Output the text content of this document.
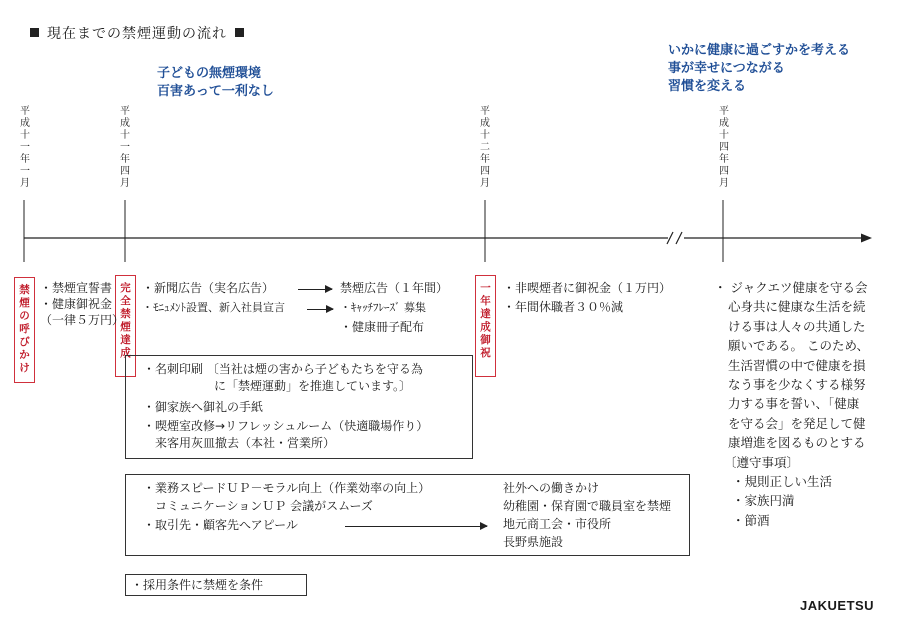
現在までの禁煙運動の流れ
子どもの無煙環境
百害あって一利なし
いかに健康に過ごすかを考える
事が幸せにつながる
習慣を変える
平
成
十
一
年
一
月
平
成
十
一
年
四
月
平
成
十
二
年
四
月
平
成
十
四
年
四
月
禁
煙
の
呼
び
か
け
完
全
禁
煙
達
成
一
年
達
成
御
祝
・禁煙宣誓書
・健康御祝金
（一律５万円）
・新聞広告（実名広告）	禁煙広告（１年間）
・ﾓﾆｭﾒﾝﾄ設置、新入社員宣言	・ｷｬｯﾁﾌﾚｰｽﾞ 募集
・健康冊子配布
・名刺印刷 〔当社は煙の害から子どもたちを守る為
に「禁煙運動」を推進しています。〕
・御家族へ御礼の手紙
・喫煙室改修→リフレッシュルーム（快適職場作り）
来客用灰皿撤去（本社・営業所）
・業務スピードＵＰ－モラル向上（作業効率の向上）
コミュニケーションＵＰ 会議がスムーズ
・取引先・顧客先へアピール
社外への働きかけ
幼稚園・保育園で職員室を禁煙
地元商工会・市役所
長野県施設
・採用条件に禁煙を条件
・非喫煙者に御祝金（１万円）
・年間休職者３０％減
・ ジャクエツ健康を守る会
心身共に健康な生活を続
ける事は人々の共通した
願いである。 このため、
生活習慣の中で健康を損
なう事を少なくする様努
力する事を誓い、「健康
を守る会」を発足して健
康増進を図るものとする
〔遵守事項〕
・規則正しい生活
・家族円満
・節酒
JAKUETSU
